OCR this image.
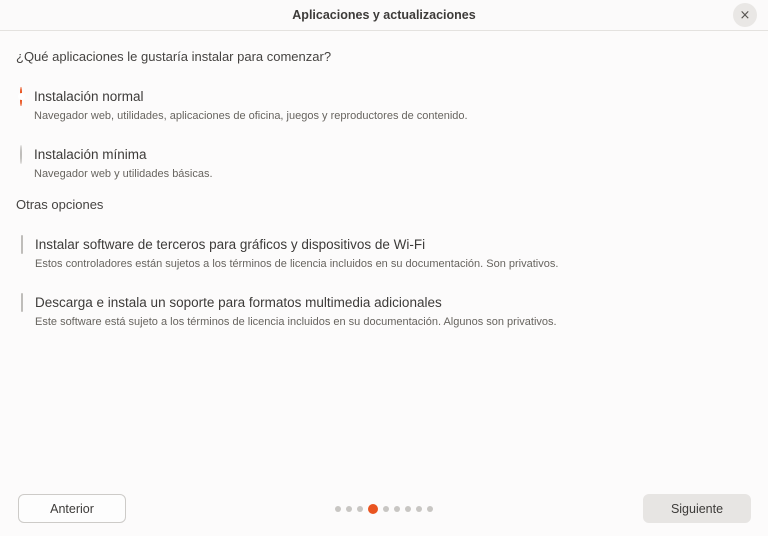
Aplicaciones y actualizaciones	×

¿Qué aplicaciones le gustaría instalar para comenzar?

Instalación normal
Navegador web, utilidades, aplicaciones de oficina, juegos y reproductores de contenido.
Instalación mínima
Navegador web y utilidades básicas.

Otras opciones

Instalar software de terceros para gráficos y dispositivos de Wi-Fi
Estos controladores están sujetos a los términos de licencia incluidos en su documentación. Son privativos.
Descarga e instala un soporte para formatos multimedia adicionales
Este software está sujeto a los términos de licencia incluidos en su documentación. Algunos son privativos.
Anterior	Siguiente
